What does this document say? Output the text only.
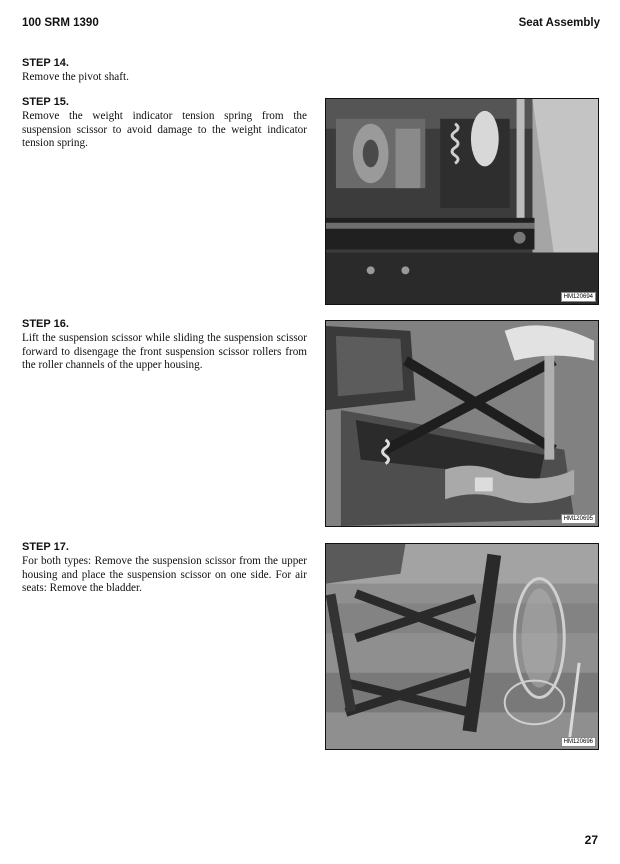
100 SRM 1390	Seat Assembly
STEP 14.
Remove the pivot shaft.
STEP 15.
Remove the weight indicator tension spring from the suspension scissor to avoid damage to the weight indicator tension spring.
HM120694
STEP 16.
Lift the suspension scissor while sliding the suspension scissor forward to disengage the front suspension scissor rollers from the roller channels of the upper housing.
HM120695
STEP 17.
For both types: Remove the suspension scissor from the upper housing and place the suspension scissor on one side. For air seats: Remove the bladder.
HM120696
27
